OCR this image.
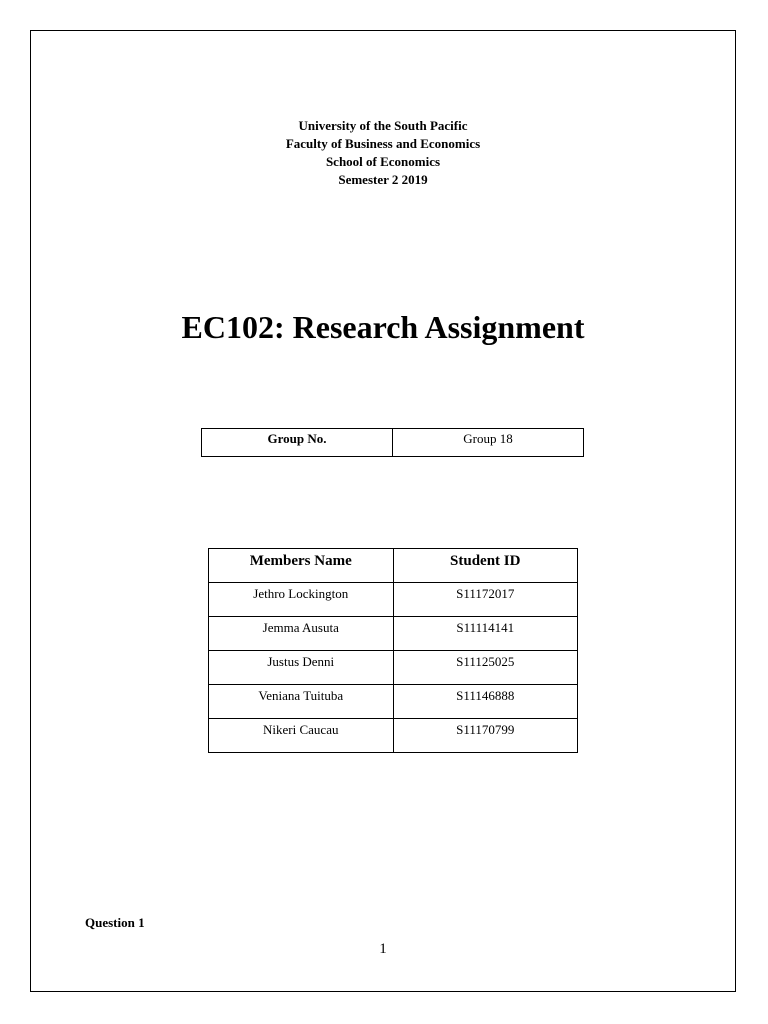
University of the South Pacific
Faculty of Business and Economics
School of Economics
Semester 2 2019
EC102: Research Assignment
Group No.	Group 18
Members Name	Student ID
Jethro Lockington	S11172017
Jemma Ausuta	S11114141
Justus Denni	S11125025
Veniana Tuituba	S11146888
Nikeri Caucau	S11170799
Question 1
1
